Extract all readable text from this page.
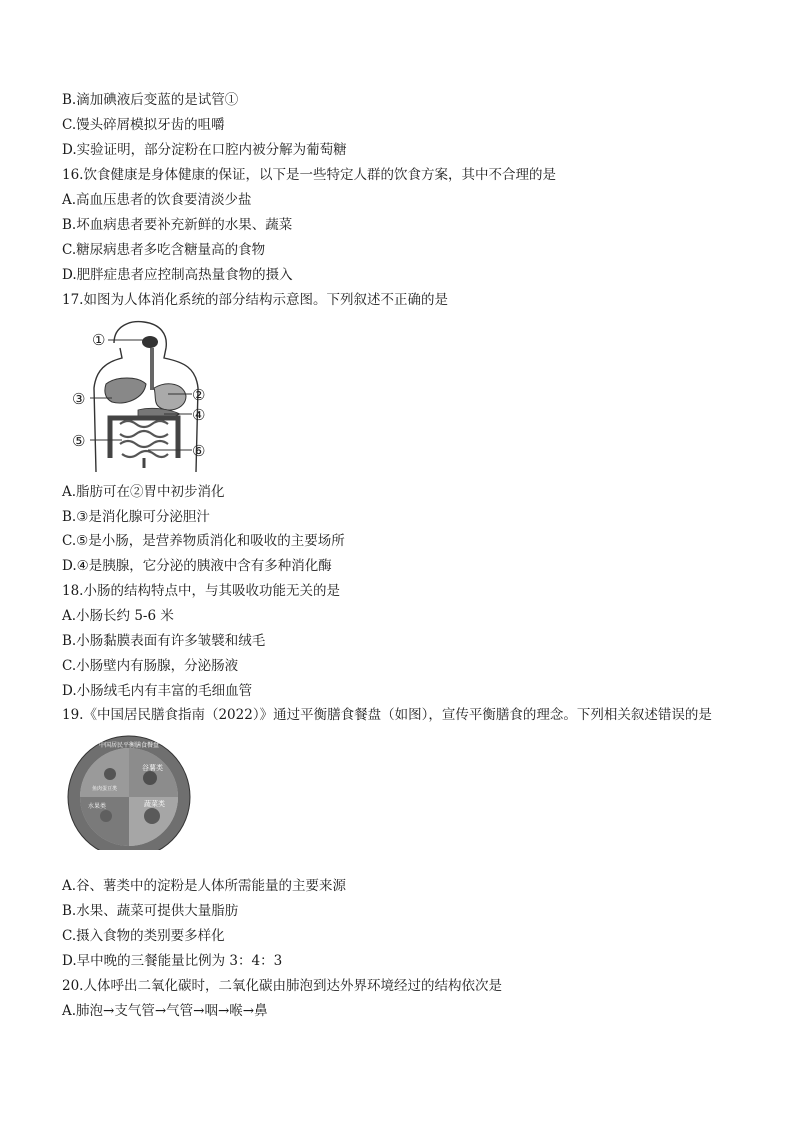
B.滴加碘液后变蓝的是试管①
C.馒头碎屑模拟牙齿的咀嚼
D.实验证明，部分淀粉在口腔内被分解为葡萄糖
16.饮食健康是身体健康的保证，以下是一些特定人群的饮食方案，其中不合理的是
A.高血压患者的饮食要清淡少盐
B.坏血病患者要补充新鲜的水果、蔬菜
C.糖尿病患者多吃含糖量高的食物
D.肥胖症患者应控制高热量食物的摄入
17.如图为人体消化系统的部分结构示意图。下列叙述不正确的是
①
②
③
④
⑤
⑥
A.脂肪可在②胃中初步消化
B.③是消化腺可分泌胆汁
C.⑤是小肠，是营养物质消化和吸收的主要场所
D.④是胰腺，它分泌的胰液中含有多种消化酶
18.小肠的结构特点中，与其吸收功能无关的是
A.小肠长约 5-6 米
B.小肠黏膜表面有许多皱襞和绒毛
C.小肠壁内有肠腺，分泌肠液
D.小肠绒毛内有丰富的毛细血管
19.《中国居民膳食指南（2022）》通过平衡膳食餐盘（如图），宣传平衡膳食的理念。下列相关叙述错误的是
中国居民平衡膳食餐盘
谷薯类
蔬菜类
水果类
鱼肉蛋豆类
A.谷、薯类中的淀粉是人体所需能量的主要来源
B.水果、蔬菜可提供大量脂肪
C.摄入食物的类别要多样化
D.早中晚的三餐能量比例为 3：4：3
20.人体呼出二氧化碳时，二氧化碳由肺泡到达外界环境经过的结构依次是
A.肺泡→支气管→气管→咽→喉→鼻
